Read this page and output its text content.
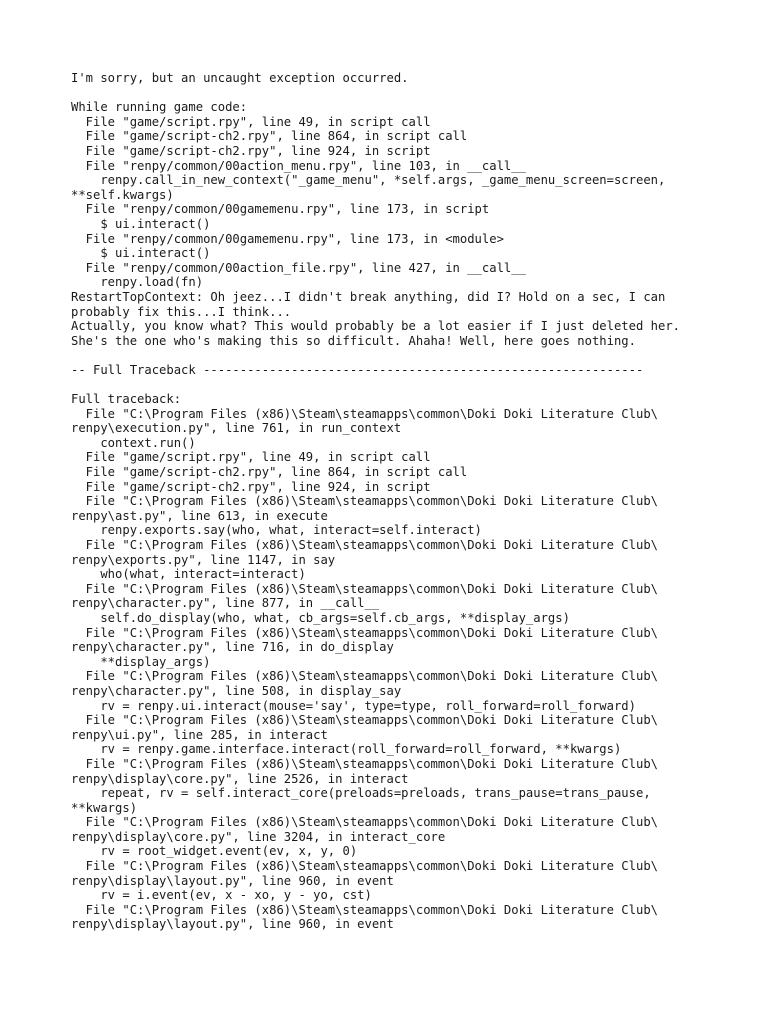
I'm sorry, but an uncaught exception occurred.
While running game code:
File "game/script.rpy", line 49, in script call
File "game/script-ch2.rpy", line 864, in script call
File "game/script-ch2.rpy", line 924, in script
File "renpy/common/00action_menu.rpy", line 103, in __call__
renpy.call_in_new_context("_game_menu", *self.args, _game_menu_screen=screen,
**self.kwargs)
File "renpy/common/00gamemenu.rpy", line 173, in script
$ ui.interact()
File "renpy/common/00gamemenu.rpy", line 173, in <module>
$ ui.interact()
File "renpy/common/00action_file.rpy", line 427, in __call__
renpy.load(fn)
RestartTopContext: Oh jeez...I didn't break anything, did I? Hold on a sec, I can
probably fix this...I think...
Actually, you know what? This would probably be a lot easier if I just deleted her.
She's the one who's making this so difficult. Ahaha! Well, here goes nothing.
-- Full Traceback ------------------------------------------------------------
Full traceback:
File "C:\Program Files (x86)\Steam\steamapps\common\Doki Doki Literature Club\
renpy\execution.py", line 761, in run_context
context.run()
File "game/script.rpy", line 49, in script call
File "game/script-ch2.rpy", line 864, in script call
File "game/script-ch2.rpy", line 924, in script
File "C:\Program Files (x86)\Steam\steamapps\common\Doki Doki Literature Club\
renpy\ast.py", line 613, in execute
renpy.exports.say(who, what, interact=self.interact)
File "C:\Program Files (x86)\Steam\steamapps\common\Doki Doki Literature Club\
renpy\exports.py", line 1147, in say
who(what, interact=interact)
File "C:\Program Files (x86)\Steam\steamapps\common\Doki Doki Literature Club\
renpy\character.py", line 877, in __call__
self.do_display(who, what, cb_args=self.cb_args, **display_args)
File "C:\Program Files (x86)\Steam\steamapps\common\Doki Doki Literature Club\
renpy\character.py", line 716, in do_display
**display_args)
File "C:\Program Files (x86)\Steam\steamapps\common\Doki Doki Literature Club\
renpy\character.py", line 508, in display_say
rv = renpy.ui.interact(mouse='say', type=type, roll_forward=roll_forward)
File "C:\Program Files (x86)\Steam\steamapps\common\Doki Doki Literature Club\
renpy\ui.py", line 285, in interact
rv = renpy.game.interface.interact(roll_forward=roll_forward, **kwargs)
File "C:\Program Files (x86)\Steam\steamapps\common\Doki Doki Literature Club\
renpy\display\core.py", line 2526, in interact
repeat, rv = self.interact_core(preloads=preloads, trans_pause=trans_pause,
**kwargs)
File "C:\Program Files (x86)\Steam\steamapps\common\Doki Doki Literature Club\
renpy\display\core.py", line 3204, in interact_core
rv = root_widget.event(ev, x, y, 0)
File "C:\Program Files (x86)\Steam\steamapps\common\Doki Doki Literature Club\
renpy\display\layout.py", line 960, in event
rv = i.event(ev, x - xo, y - yo, cst)
File "C:\Program Files (x86)\Steam\steamapps\common\Doki Doki Literature Club\
renpy\display\layout.py", line 960, in event
